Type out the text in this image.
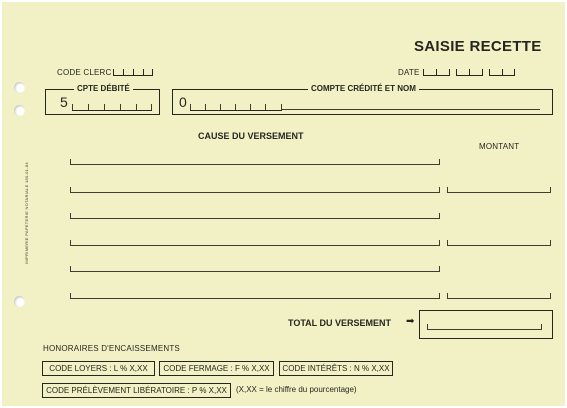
IMPRIMERIE PAPETERIE NOTARIALE 180-01-84
SAISIE RECETTE
CODE CLERC	DATE
CPTE DÉBITÉ
5
COMPTE CRÉDITÉ ET NOM
0
CAUSE DU VERSEMENT
MONTANT
TOTAL DU VERSEMENT ➡
HONORAIRES D'ENCAISSEMENTS
CODE LOYERS : L % X,XX	CODE FERMAGE : F % X,XX	CODE INTÉRÊTS : N % X,XX
CODE PRÉLÈVEMENT LIBÉRATOIRE : P % X,XX	(X,XX = le chiffre du pourcentage)
